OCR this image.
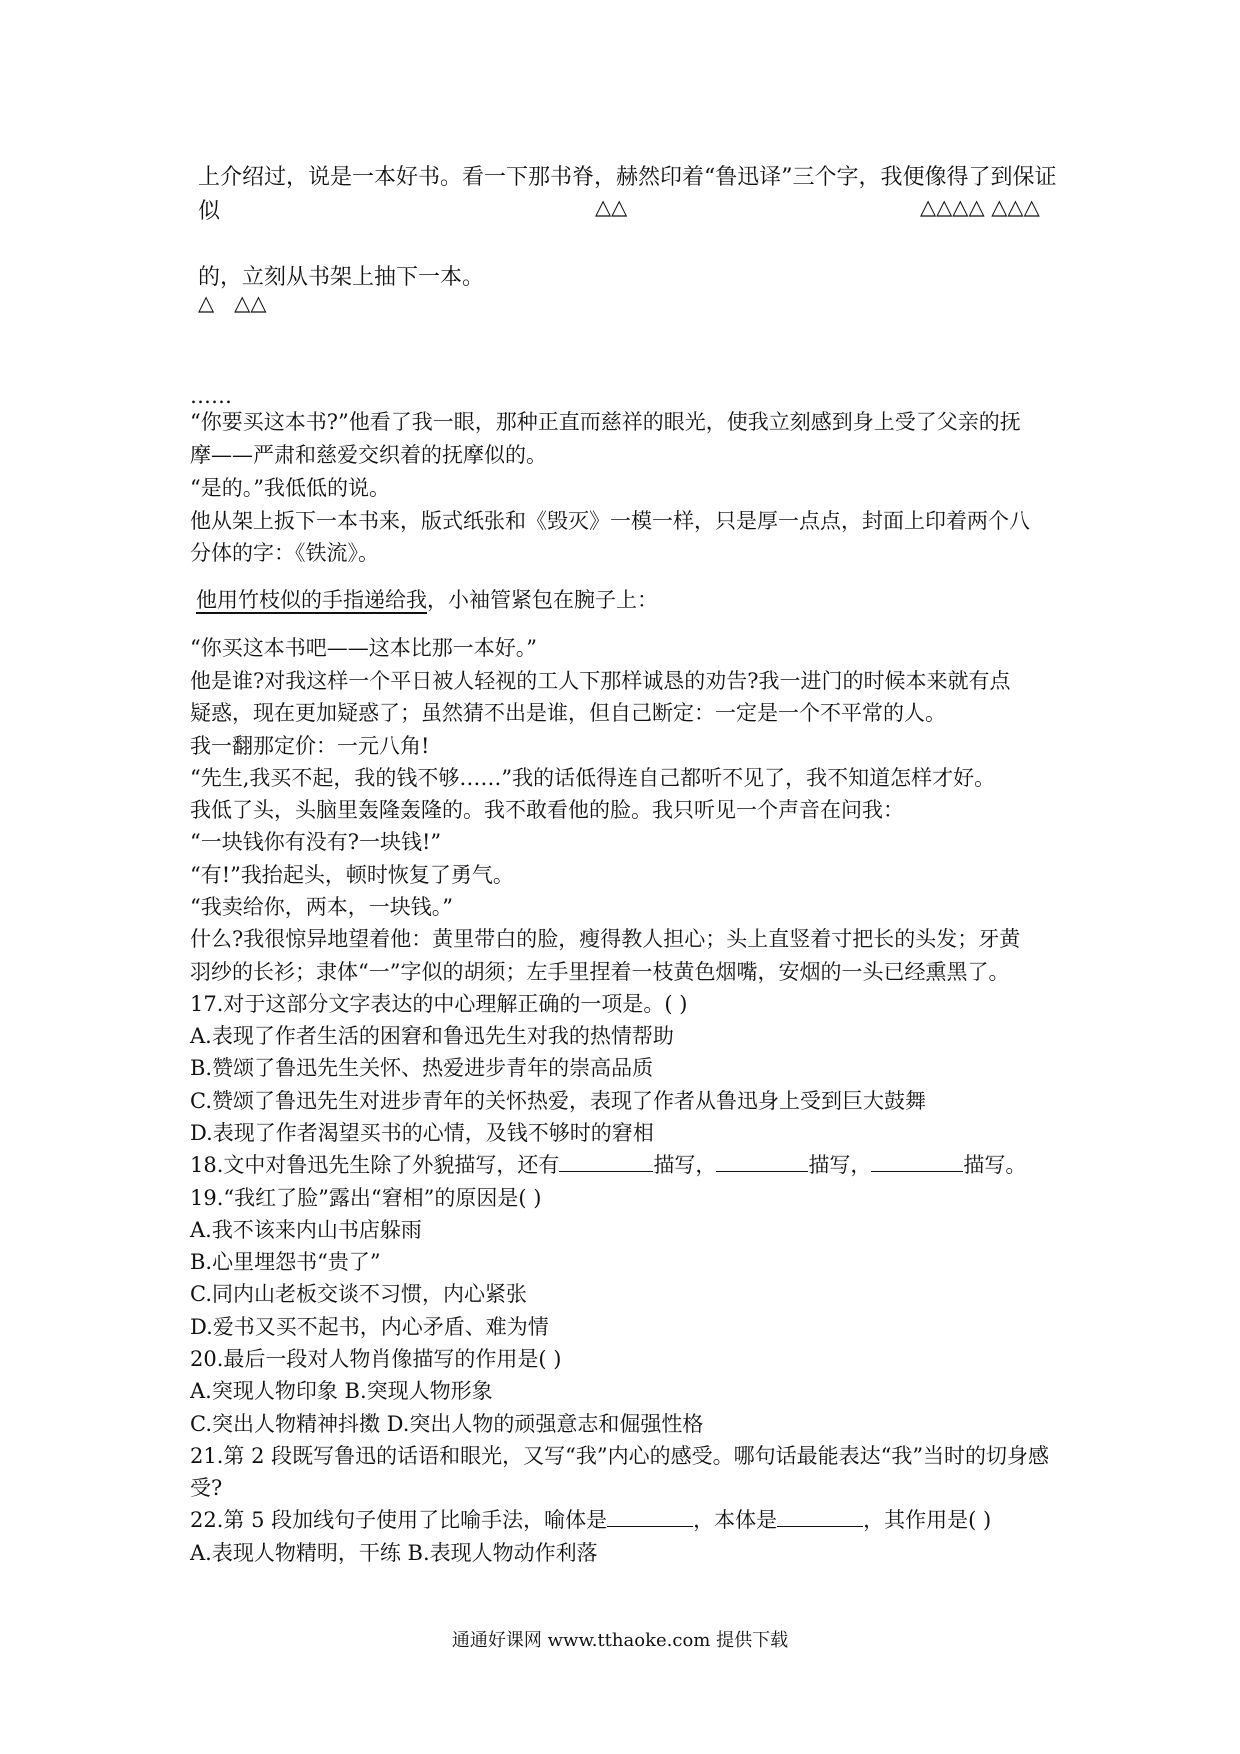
上介绍过，说是一本好书。看一下那书脊，赫然印着“鲁迅译”三个字，我便像得了到保证
似	△△	△△△△ △△△
的，立刻从书架上抽下一本。
△   △△
……
“你要买这本书?”他看了我一眼，那种正直而慈祥的眼光，使我立刻感到身上受了父亲的抚
摩——严肃和慈爱交织着的抚摩似的。
“是的。”我低低的说。
他从架上扳下一本书来，版式纸张和《毁灭》一模一样，只是厚一点点，封面上印着两个八
分体的字：《铁流》。
他用竹枝似的手指递给我，小袖管紧包在腕子上：
“你买这本书吧——这本比那一本好。”
他是谁?对我这样一个平日被人轻视的工人下那样诚恳的劝告?我一进门的时候本来就有点
疑惑，现在更加疑惑了；虽然猜不出是谁，但自己断定：一定是一个不平常的人。
我一翻那定价：一元八角!
“先生,我买不起，我的钱不够……”我的话低得连自己都听不见了，我不知道怎样才好。
我低了头，头脑里轰隆轰隆的。我不敢看他的脸。我只听见一个声音在问我：
“一块钱你有没有?一块钱!”
“有!”我抬起头，顿时恢复了勇气。
“我卖给你，两本，一块钱。”
什么?我很惊异地望着他：黄里带白的脸，瘦得教人担心；头上直竖着寸把长的头发；牙黄
羽纱的长衫；隶体“一”字似的胡须；左手里捏着一枝黄色烟嘴，安烟的一头已经熏黑了。
17.对于这部分文字表达的中心理解正确的一项是。( )
A.表现了作者生活的困窘和鲁迅先生对我的热情帮助
B.赞颂了鲁迅先生关怀、热爱进步青年的崇高品质
C.赞颂了鲁迅先生对进步青年的关怀热爱，表现了作者从鲁迅身上受到巨大鼓舞
D.表现了作者渴望买书的心情，及钱不够时的窘相
18.文中对鲁迅先生除了外貌描写，还有	描写，	描写，	描写。
19.“我红了脸”露出“窘相”的原因是( )
A.我不该来内山书店躲雨
B.心里埋怨书“贵了”
C.同内山老板交谈不习惯，内心紧张
D.爱书又买不起书，内心矛盾、难为情
20.最后一段对人物肖像描写的作用是( )
A.突现人物印象 B.突现人物形象
C.突出人物精神抖擞 D.突出人物的顽强意志和倔强性格
21.第 2 段既写鲁迅的话语和眼光，又写“我”内心的感受。哪句话最能表达“我”当时的切身感
受?
22.第 5 段加线句子使用了比喻手法，喻体是	，本体是	，其作用是( )
A.表现人物精明，干练 B.表现人物动作利落
通通好课网 www.tthaoke.com 提供下载
